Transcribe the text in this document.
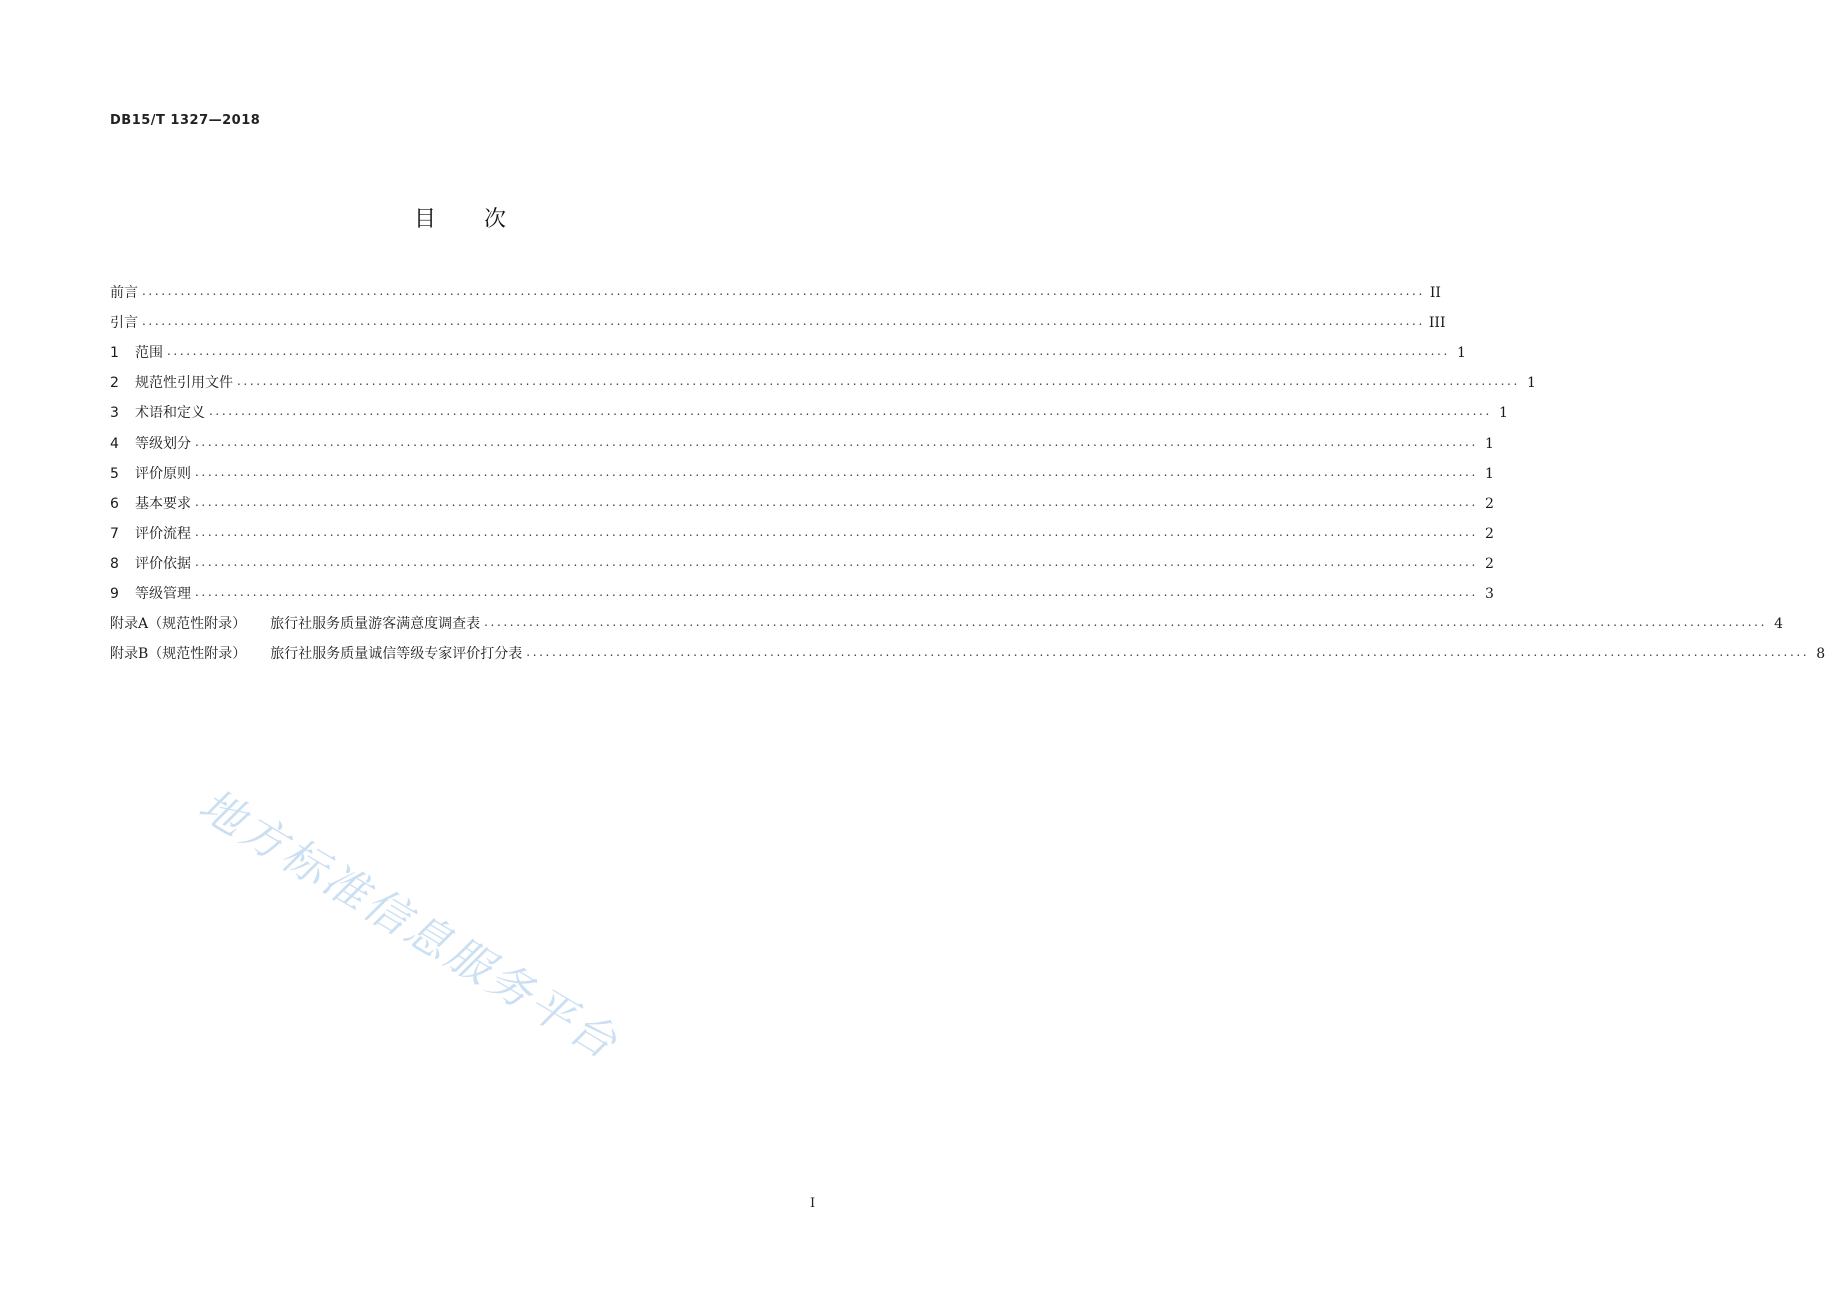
DB15/T 1327—2018
目 次
前言 ........................................................................................................................................................................................................ II
引言 ........................................................................................................................................................................................................ III
1	范围 ........................................................................................................................................................................................................ 1
2	规范性引用文件 ........................................................................................................................................................................................................ 1
3	术语和定义 ........................................................................................................................................................................................................ 1
4	等级划分 ........................................................................................................................................................................................................ 1
5	评价原则 ........................................................................................................................................................................................................ 1
6	基本要求 ........................................................................................................................................................................................................ 2
7	评价流程 ........................................................................................................................................................................................................ 2
8	评价依据 ........................................................................................................................................................................................................ 2
9	等级管理 ........................................................................................................................................................................................................ 3
附录A（规范性附录） 旅行社服务质量游客满意度调查表 ........................................................................................................................................................................................................ 4
附录B（规范性附录） 旅行社服务质量诚信等级专家评价打分表 ........................................................................................................................................................................................................ 8
地方标准信息服务平台
I
